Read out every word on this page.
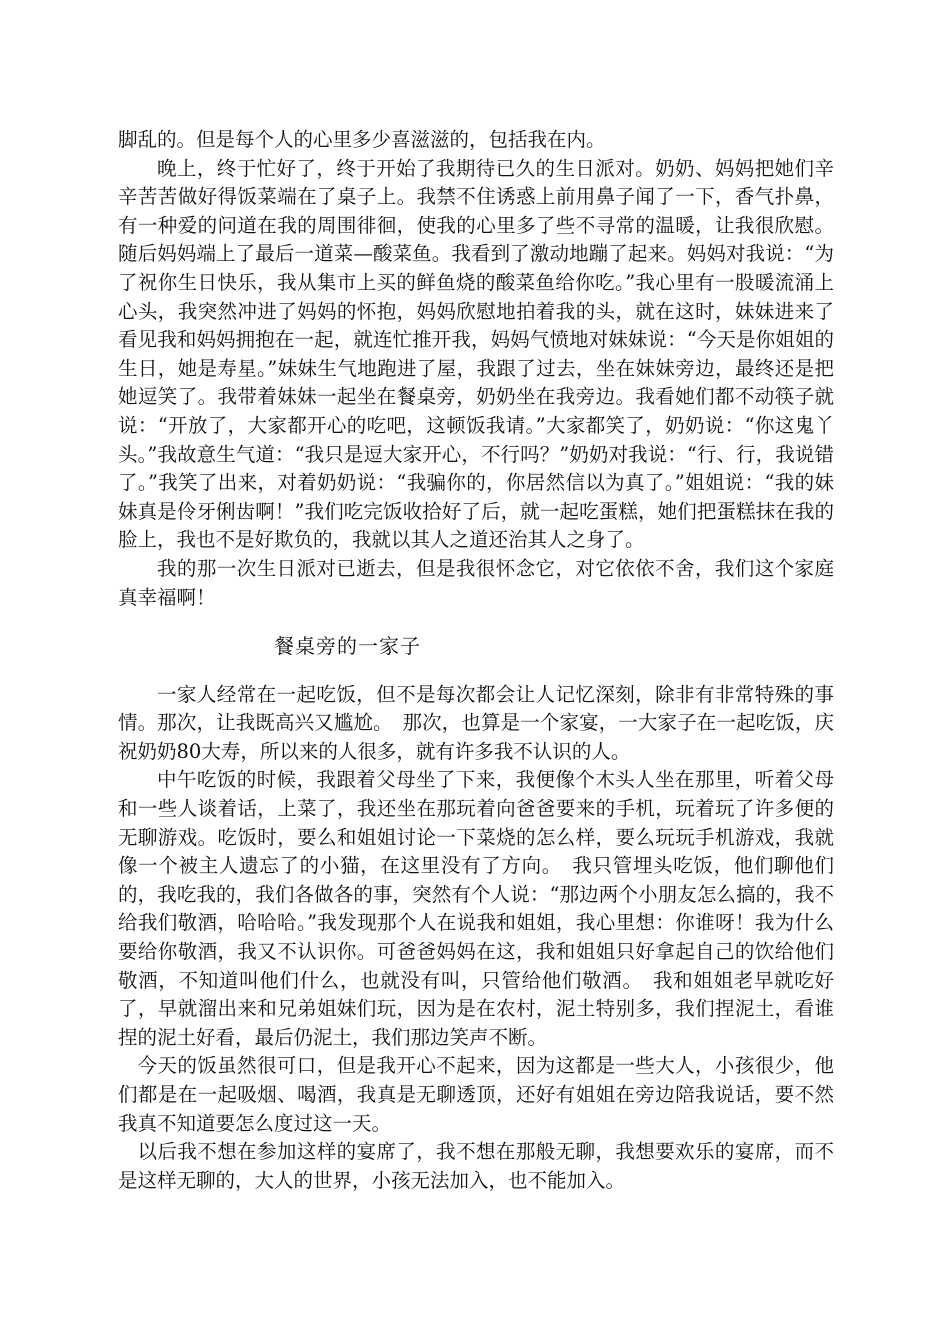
脚乱的。但是每个人的心里多少喜滋滋的，包括我在内。

晚上，终于忙好了，终于开始了我期待已久的生日派对。奶奶、妈妈把她们辛辛苦苦做好得饭菜端在了桌子上。我禁不住诱惑上前用鼻子闻了一下，香气扑鼻，有一种爱的问道在我的周围徘徊，使我的心里多了些不寻常的温暖，让我很欣慰。随后妈妈端上了最后一道菜—酸菜鱼。我看到了激动地蹦了起来。妈妈对我说：“为了祝你生日快乐，我从集市上买的鲜鱼烧的酸菜鱼给你吃。”我心里有一股暖流涌上心头，我突然冲进了妈妈的怀抱，妈妈欣慰地拍着我的头，就在这时，妹妹进来了看见我和妈妈拥抱在一起，就连忙推开我，妈妈气愤地对妹妹说：“今天是你姐姐的生日，她是寿星。”妹妹生气地跑进了屋，我跟了过去，坐在妹妹旁边，最终还是把她逗笑了。我带着妹妹一起坐在餐桌旁，奶奶坐在我旁边。我看她们都不动筷子就说：“开放了，大家都开心的吃吧，这顿饭我请。”大家都笑了，奶奶说：“你这鬼丫头。”我故意生气道：“我只是逗大家开心，不行吗？”奶奶对我说：“行、行，我说错了。”我笑了出来，对着奶奶说：“我骗你的，你居然信以为真了。”姐姐说：“我的妹妹真是伶牙俐齿啊！”我们吃完饭收拾好了后，就一起吃蛋糕，她们把蛋糕抹在我的脸上，我也不是好欺负的，我就以其人之道还治其人之身了。

我的那一次生日派对已逝去，但是我很怀念它，对它依依不舍，我们这个家庭真幸福啊！

餐桌旁的一家子

一家人经常在一起吃饭，但不是每次都会让人记忆深刻，除非有非常特殊的事情。那次，让我既高兴又尴尬。　那次，也算是一个家宴，一大家子在一起吃饭，庆祝奶奶80大寿，所以来的人很多，就有许多我不认识的人。

中午吃饭的时候，我跟着父母坐了下来，我便像个木头人坐在那里，听着父母和一些人谈着话，上菜了，我还坐在那玩着向爸爸要来的手机，玩着玩了许多便的无聊游戏。吃饭时，要么和姐姐讨论一下菜烧的怎么样，要么玩玩手机游戏，我就像一个被主人遗忘了的小猫，在这里没有了方向。　我只管埋头吃饭，他们聊他们的，我吃我的，我们各做各的事，突然有个人说：“那边两个小朋友怎么搞的，我不给我们敬酒，哈哈哈。”我发现那个人在说我和姐姐，我心里想：你谁呀！我为什么要给你敬酒，我又不认识你。可爸爸妈妈在这，我和姐姐只好拿起自己的饮给他们敬酒，不知道叫他们什么，也就没有叫，只管给他们敬酒。　我和姐姐老早就吃好了，早就溜出来和兄弟姐妹们玩，因为是在农村，泥土特别多，我们捏泥土，看谁捏的泥土好看，最后仍泥土，我们那边笑声不断。

今天的饭虽然很可口，但是我开心不起来，因为这都是一些大人，小孩很少，他们都是在一起吸烟、喝酒，我真是无聊透顶，还好有姐姐在旁边陪我说话，要不然我真不知道要怎么度过这一天。

以后我不想在参加这样的宴席了，我不想在那般无聊，我想要欢乐的宴席，而不是这样无聊的，大人的世界，小孩无法加入，也不能加入。
